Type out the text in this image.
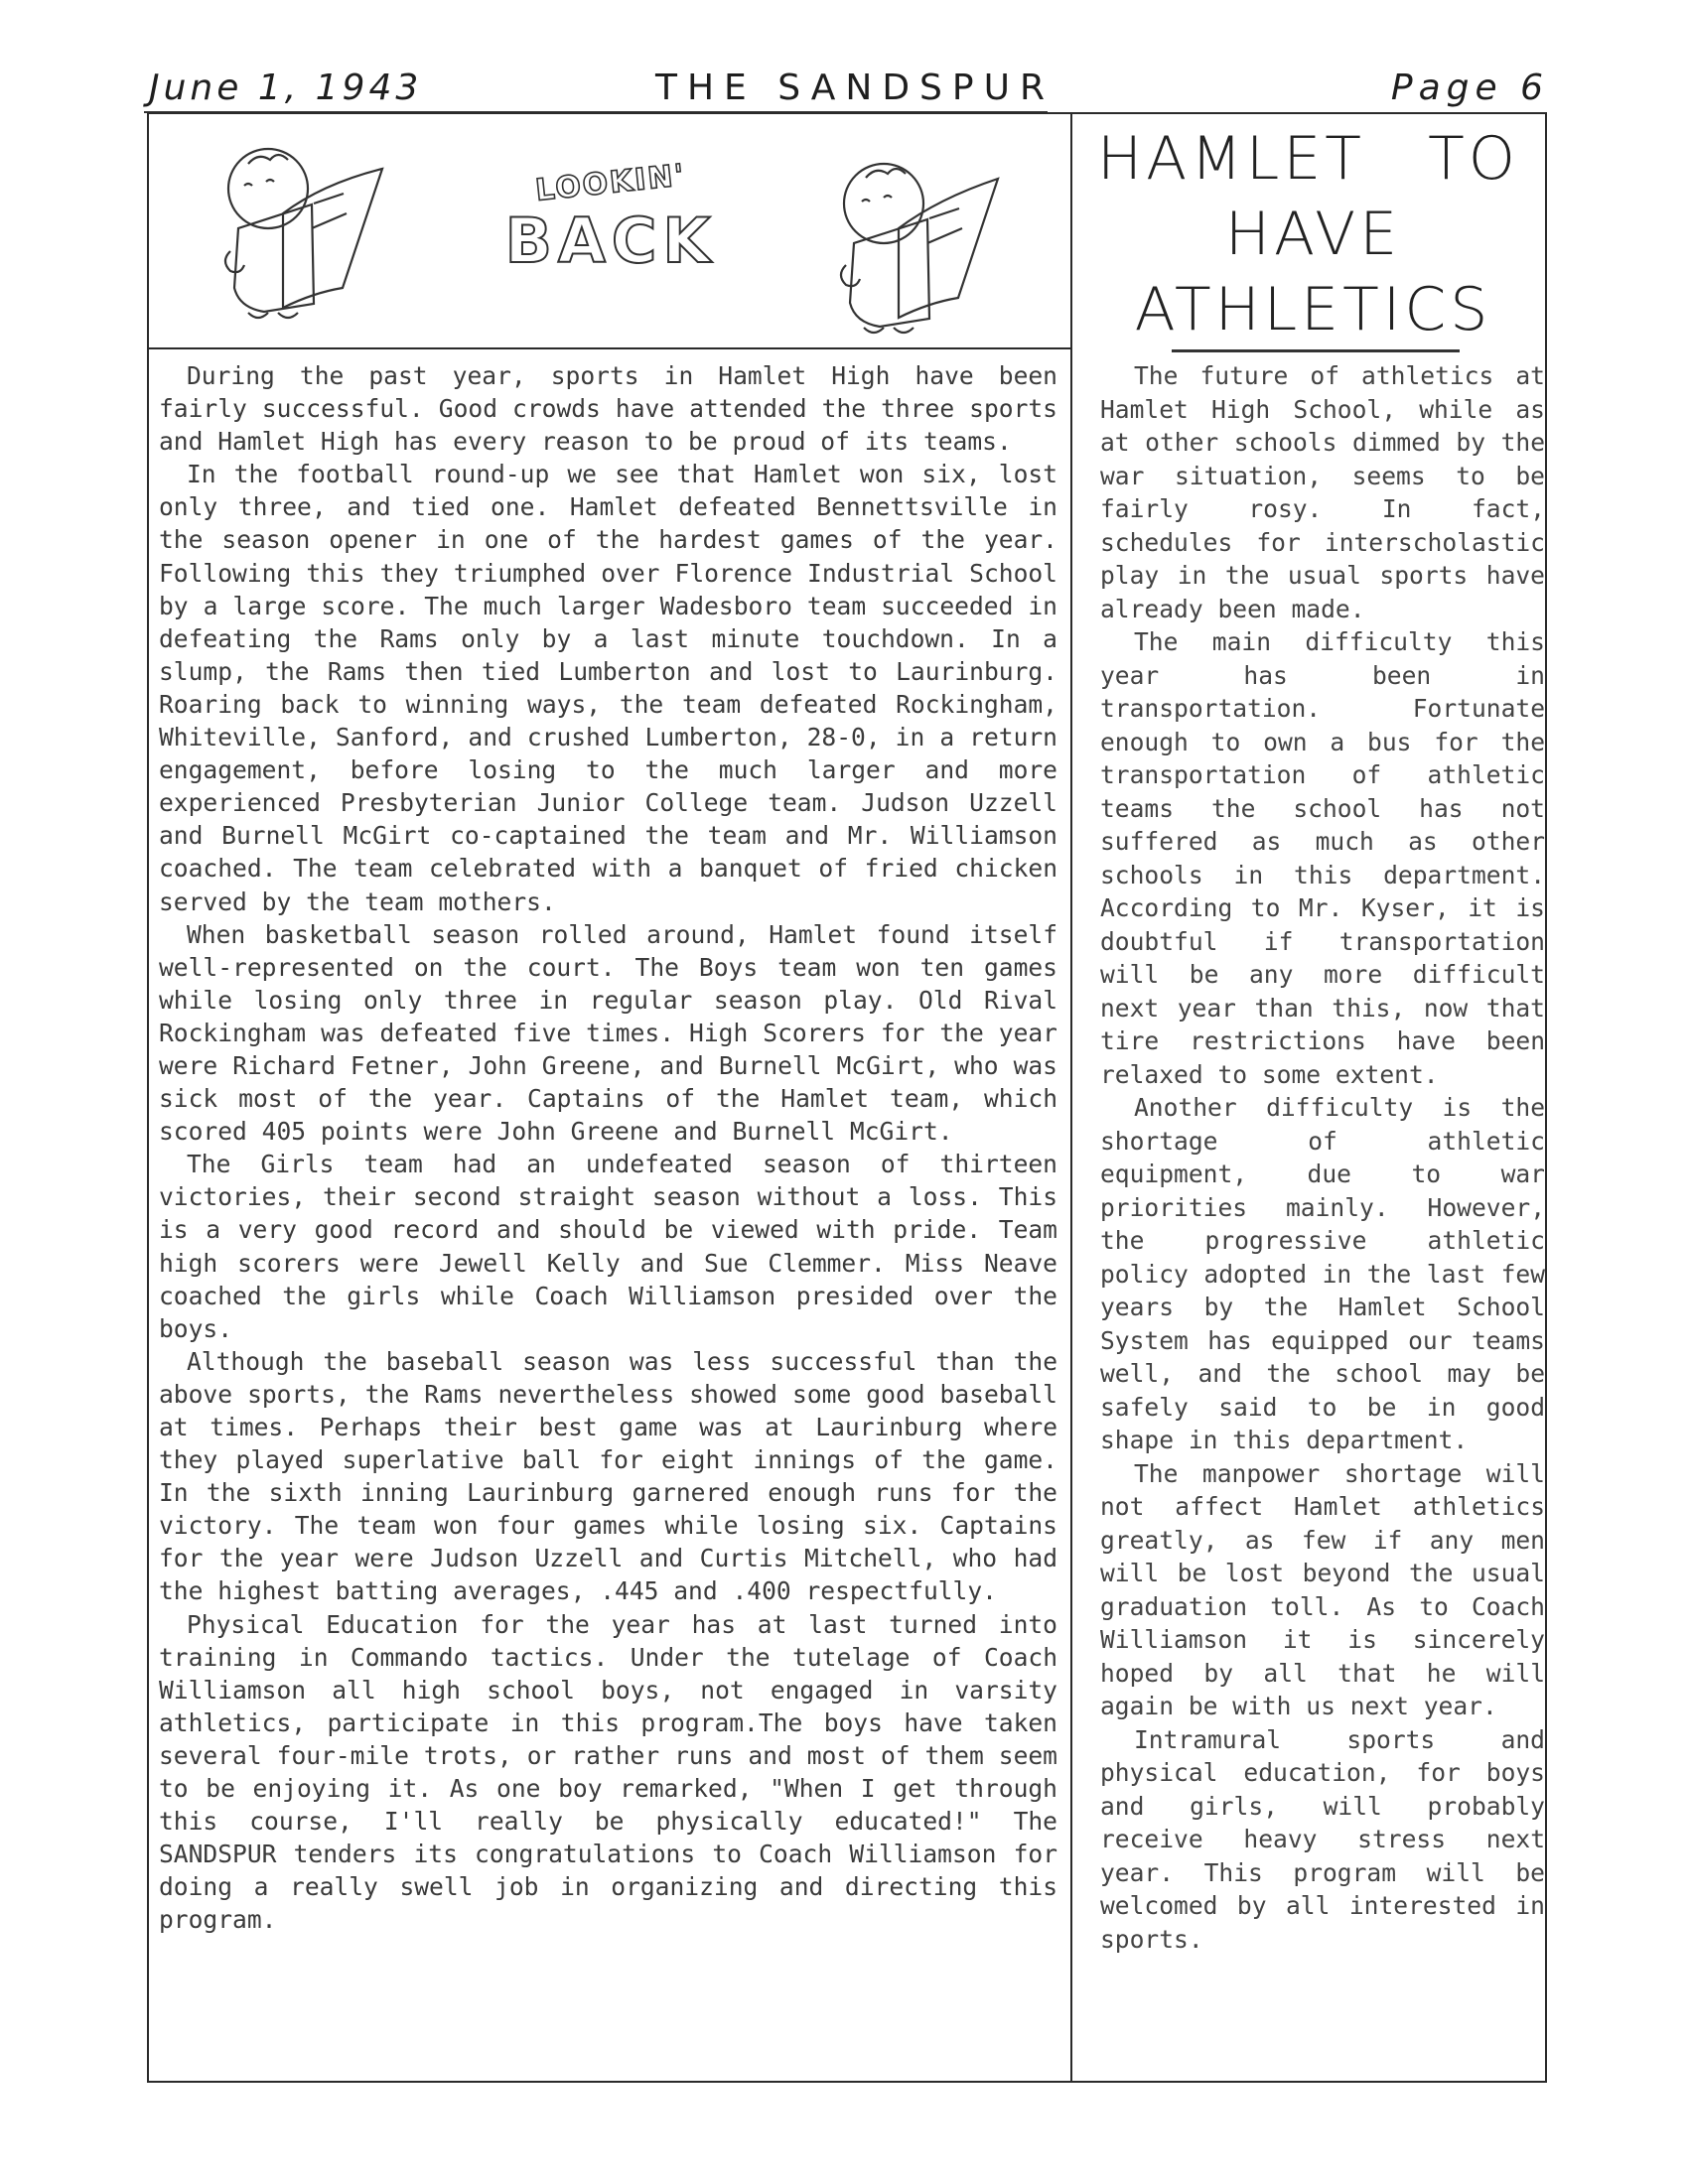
June 1, 1943	THE SANDSPUR	Page 6
LOOKIN'
BACK

During the past year, sports in Hamlet High have been fairly successful. Good crowds have attended the three sports and Hamlet High has every reason to be proud of its teams.

In the football round-up we see that Hamlet won six, lost only three, and tied one. Hamlet defeated Bennettsville in the season opener in one of the hardest games of the year. Following this they triumphed over Florence Industrial School by a large score. The much larger Wadesboro team succeeded in defeating the Rams only by a last minute touchdown. In a slump, the Rams then tied Lumberton and lost to Laurinburg. Roaring back to winning ways, the team defeated Rockingham, Whiteville, Sanford, and crushed Lumberton, 28-0, in a return engagement, before losing to the much larger and more experienced Presbyterian Junior College team. Judson Uzzell and Burnell McGirt co-captained the team and Mr. Williamson coached. The team celebrated with a banquet of fried chicken served by the team mothers.

When basketball season rolled around, Hamlet found itself well-represented on the court. The Boys team won ten games while losing only three in regular season play. Old Rival Rockingham was defeated five times. High Scorers for the year were Richard Fetner, John Greene, and Burnell McGirt, who was sick most of the year. Captains of the Hamlet team, which scored 405 points were John Greene and Burnell McGirt.

The Girls team had an undefeated season of thirteen victories, their second straight season without a loss. This is a very good record and should be viewed with pride. Team high scorers were Jewell Kelly and Sue Clemmer. Miss Neave coached the girls while Coach Williamson presided over the boys.

Although the baseball season was less successful than the above sports, the Rams nevertheless showed some good baseball at times. Perhaps their best game was at Laurinburg where they played superlative ball for eight innings of the game. In the sixth inning Laurinburg garnered enough runs for the victory. The team won four games while losing six. Captains for the year were Judson Uzzell and Curtis Mitchell, who had the highest batting averages, .445 and .400 respectfully.

Physical Education for the year has at last turned into training in Commando tactics. Under the tutelage of Coach Williamson all high school boys, not engaged in varsity athletics, participate in this program.The boys have taken several four-mile trots, or rather runs and most of them seem to be enjoying it. As one boy remarked, "When I get through this course, I'll really be physically educated!" The SANDSPUR tenders its congratulations to Coach Williamson for doing a really swell job in organizing and directing this program.

HAMLET TO
HAVE
ATHLETICS

The future of athletics at Hamlet High School, while as at other schools dimmed by the war situation, seems to be fairly rosy. In fact, schedules for interscholastic play in the usual sports have already been made.

The main difficulty this year has been in transportation. Fortunate enough to own a bus for the transportation of athletic teams the school has not suffered as much as other schools in this department. According to Mr. Kyser, it is doubtful if transportation will be any more difficult next year than this, now that tire restrictions have been relaxed to some extent.

Another difficulty is the shortage of athletic equipment, due to war priorities mainly. However, the progressive athletic policy adopted in the last few years by the Hamlet School System has equipped our teams well, and the school may be safely said to be in good shape in this department.

The manpower shortage will not affect Hamlet athletics greatly, as few if any men will be lost beyond the usual graduation toll. As to Coach Williamson it is sincerely hoped by all that he will again be with us next year.

Intramural sports and physical education, for boys and girls, will probably receive heavy stress next year. This program will be welcomed by all interested in sports.
